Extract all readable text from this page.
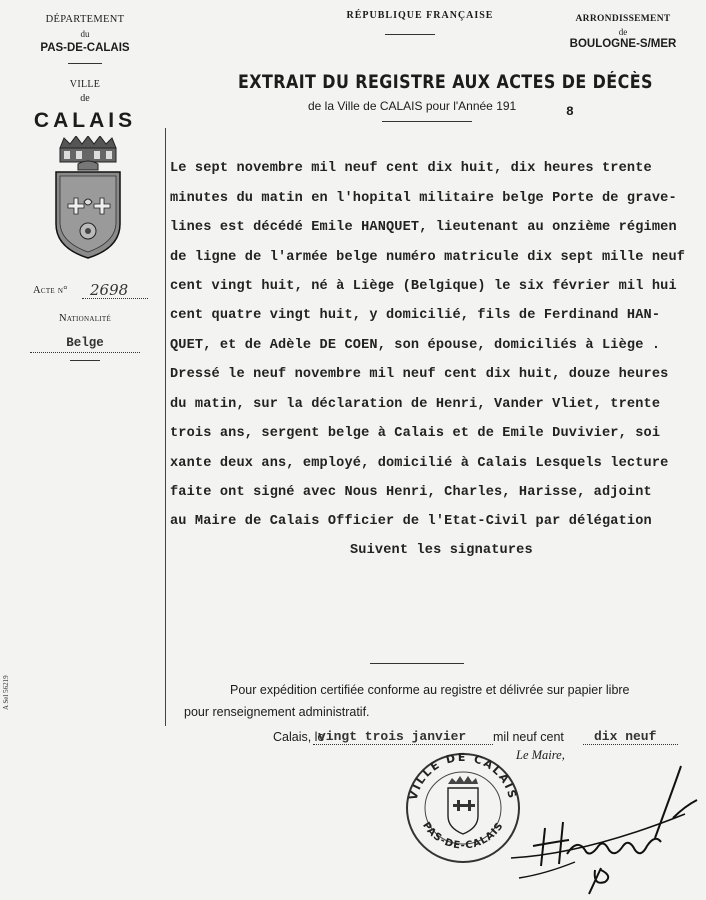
DÉPARTEMENT
du
PAS-DE-CALAIS
VILLE
de
CALAIS
Acte n° 2698
Nationalité
Belge
A Sel 56219
RÉPUBLIQUE FRANÇAISE	ARRONDISSEMENT
de
BOULOGNE-S/MER
EXTRAIT DU REGISTRE AUX ACTES DE DÉCÈS
de la Ville de CALAIS pour l'Année 191	8
Le sept novembre mil neuf cent dix huit, dix heures trente
minutes du matin en l'hopital militaire belge Porte de grave-
lines est décédé Emile HANQUET, lieutenant au onzième régimen
de ligne de l'armée belge numéro matricule dix sept mille neuf
cent vingt huit, né à Liège (Belgique) le six février mil hui
cent quatre vingt huit, y domicilié, fils de Ferdinand HAN-
QUET, et de Adèle DE COEN, son épouse, domiciliés à Liège .
Dressé le neuf novembre mil neuf cent dix huit, douze heures
du matin, sur la déclaration de Henri, Vander Vliet, trente
trois ans, sergent belge à Calais et de Emile Duvivier, soi
xante deux ans, employé, domicilié à Calais Lesquels lecture
faite ont signé avec Nous Henri, Charles, Harisse, adjoint
au Maire de Calais Officier de l'Etat-Civil par délégation
Suivent les signatures
Pour expédition certifiée conforme au registre et délivrée sur papier libre
pour renseignement administratif.
Calais, le
vingt trois janvier mil neuf cent dix neuf
Le Maire,
VILLE DE CALAIS
PAS-DE-CALAIS
